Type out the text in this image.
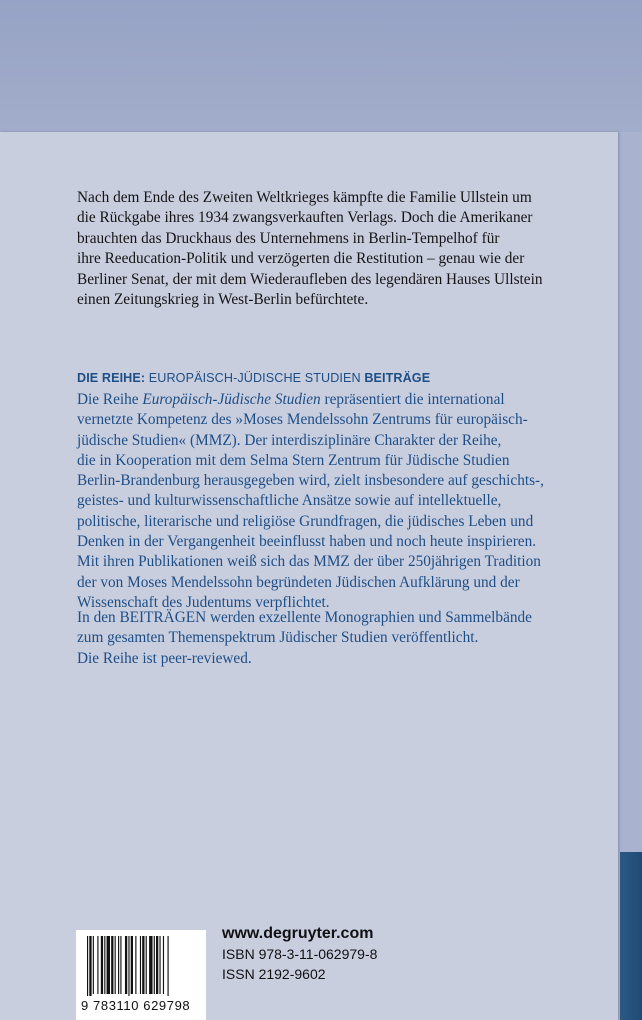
Nach dem Ende des Zweiten Weltkrieges kämpfte die Familie Ullstein um
die Rückgabe ihres 1934 zwangsverkauften Verlags. Doch die Amerikaner
brauchten das Druckhaus des Unternehmens in Berlin-Tempelhof für
ihre Reeducation-Politik und verzögerten die Restitution – genau wie der
Berliner Senat, der mit dem Wiederaufleben des legendären Hauses Ullstein
einen Zeitungskrieg in West-Berlin befürchtete.

DIE REIHE: EUROPÄISCH-JÜDISCHE STUDIEN BEITRÄGE

Die Reihe Europäisch-Jüdische Studien repräsentiert die international
vernetzte Kompetenz des »Moses Mendelssohn Zentrums für europäisch-
jüdische Studien« (MMZ). Der interdisziplinäre Charakter der Reihe,
die in Kooperation mit dem Selma Stern Zentrum für Jüdische Studien
Berlin-Brandenburg herausgegeben wird, zielt insbesondere auf geschichts-,
geistes- und kulturwissenschaftliche Ansätze sowie auf intellektuelle,
politische, literarische und religiöse Grundfragen, die jüdisches Leben und
Denken in der Vergangenheit beeinflusst haben und noch heute inspirieren.
Mit ihren Publikationen weiß sich das MMZ der über 250jährigen Tradition
der von Moses Mendelssohn begründeten Jüdischen Aufklärung und der
Wissenschaft des Judentums verpflichtet.

In den BEITRÄGEN werden exzellente Monographien und Sammelbände
zum gesamten Themenspektrum Jüdischer Studien veröffentlicht.
Die Reihe ist peer-reviewed.

9 783110 629798
www.degruyter.com
ISBN 978-3-11-062979-8
ISSN 2192-9602
